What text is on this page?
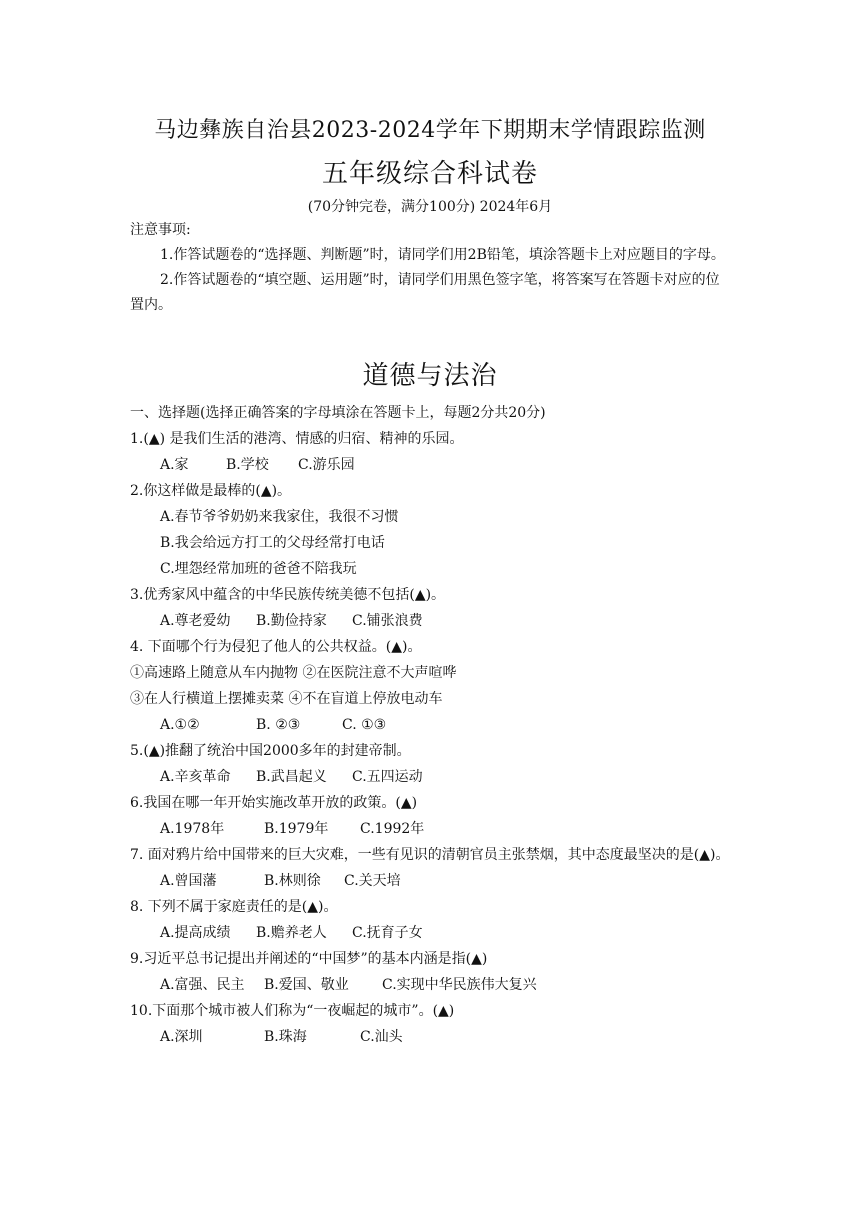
马边彝族自治县2023-2024学年下期期末学情跟踪监测
五年级综合科试卷
(70分钟完卷，满分100分) 2024年6月
注意事项:
1.作答试题卷的“选择题、判断题”时，请同学们用2B铅笔，填涂答题卡上对应题目的字母。
2.作答试题卷的“填空题、运用题”时，请同学们用黑色签字笔，将答案写在答题卡对应的位置内。
道德与法治
一、选择题(选择正确答案的字母填涂在答题卡上，每题2分共20分)
1.(▲) 是我们生活的港湾、情感的归宿、精神的乐园。
A.家	B.学校	C.游乐园
2.你这样做是最棒的(▲)。
A.春节爷爷奶奶来我家住，我很不习惯
B.我会给远方打工的父母经常打电话
C.埋怨经常加班的爸爸不陪我玩
3.优秀家风中蕴含的中华民族传统美德不包括(▲)。
A.尊老爱幼	B.勤俭持家	C.铺张浪费
4. 下面哪个行为侵犯了他人的公共权益。(▲)。
①高速路上随意从车内抛物 ②在医院注意不大声喧哗
③在人行横道上摆摊卖菜 ④不在盲道上停放电动车
A.①②	B. ②③	C. ①③
5.(▲)推翻了统治中国2000多年的封建帝制。
A.辛亥革命	B.武昌起义	C.五四运动
6.我国在哪一年开始实施改革开放的政策。(▲)
A.1978年	B.1979年	C.1992年
7. 面对鸦片给中国带来的巨大灾难，一些有见识的清朝官员主张禁烟，其中态度最坚决的是(▲)。
A.曾国藩	B.林则徐	C.关天培
8. 下列不属于家庭责任的是(▲)。
A.提高成绩	B.赡养老人	C.抚育子女
9.习近平总书记提出并阐述的“中国梦”的基本内涵是指(▲)
A.富强、民主	B.爱国、敬业	C.实现中华民族伟大复兴
10.下面那个城市被人们称为“一夜崛起的城市”。(▲)
A.深圳	B.珠海	C.汕头
